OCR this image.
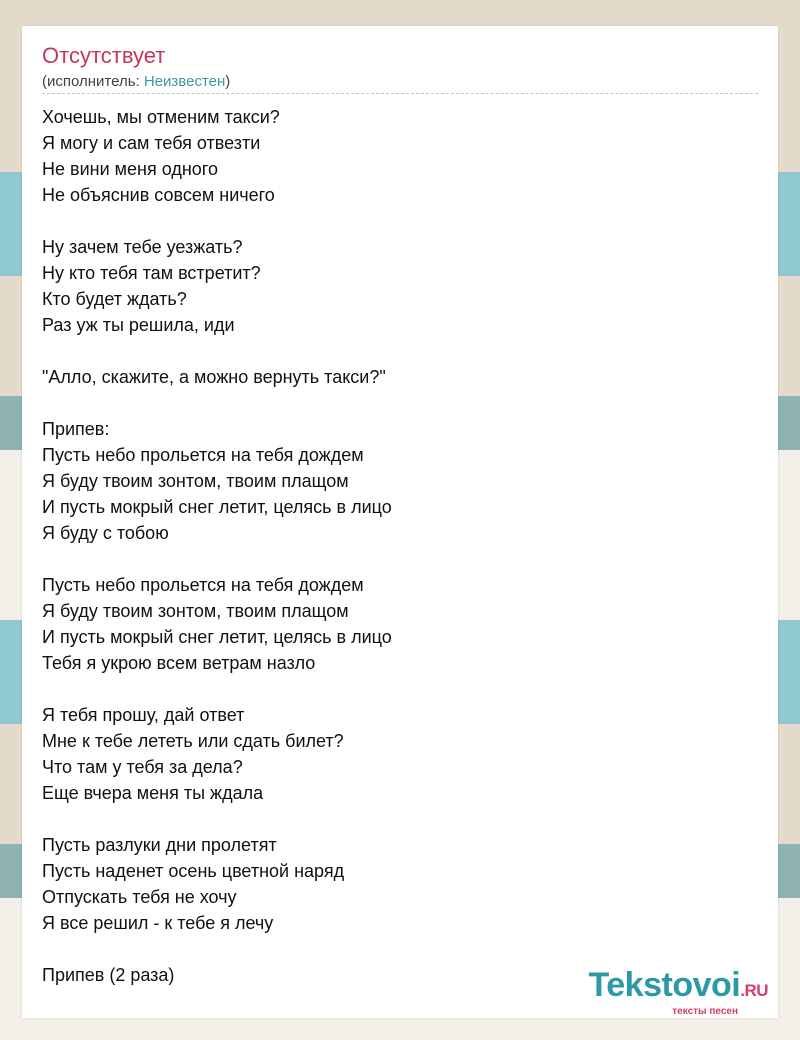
Отсутствует
(исполнитель: Неизвестен)
Хочешь, мы отменим такси?
Я могу и сам тебя отвезти
Не вини меня одного
Не объяснив совсем ничего
Ну зачем тебе уезжать?
Ну кто тебя там встретит?
Кто будет ждать?
Раз уж ты решила, иди
"Алло, скажите, а можно вернуть такси?"
Припев:
Пусть небо прольется на тебя дождем
Я буду твоим зонтом, твоим плащом
И пусть мокрый снег летит, целясь в лицо
Я буду с тобою
Пусть небо прольется на тебя дождем
Я буду твоим зонтом, твоим плащом
И пусть мокрый снег летит, целясь в лицо
Тебя я укрою всем ветрам назло
Я тебя прошу, дай ответ
Мне к тебе лететь или сдать билет?
Что там у тебя за дела?
Еще вчера меня ты ждала
Пусть разлуки дни пролетят
Пусть наденет осень цветной наряд
Отпускать тебя не хочу
Я все решил - к тебе я лечу
Припев (2 раза)	Tekstovoi.RU
тексты песен
